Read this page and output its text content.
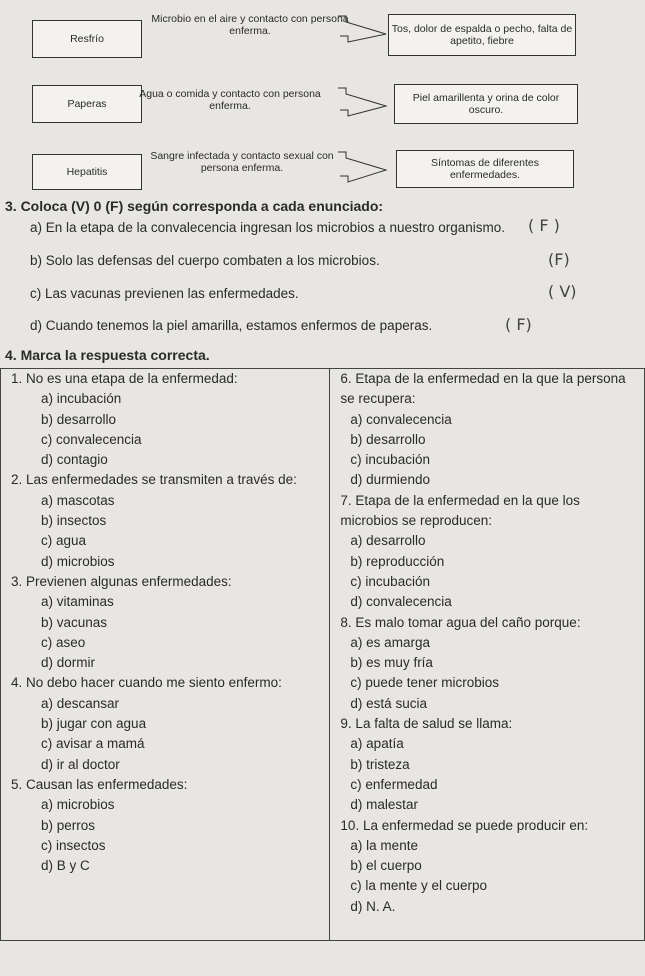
Resfrío
Microbio en el aire y contacto con persona enferma.	Tos, dolor de espalda o pecho, falta de apetito, fiebre
Paperas
Agua o comida y contacto con persona enferma.
Piel amarillenta y orina de color oscuro.
Hepatitis
Sangre infectada y contacto sexual con persona enferma.	Síntomas de diferentes enfermedades.
3. Coloca (V) 0 (F) según corresponda a cada enunciado:
a) En la etapa de la convalecencia ingresan los microbios a nuestro organismo. ( F )
b) Solo las defensas del cuerpo combaten a los microbios.	(F)
c) Las vacunas previenen las enfermedades.	( V)
d) Cuando tenemos la piel amarilla, estamos enfermos de paperas.	( F)
4. Marca la respuesta correcta.
1. No es una etapa de la enfermedad:
a) incubación
b) desarrollo
c) convalecencia
d) contagio
2. Las enfermedades se transmiten a través de:
a) mascotas
b) insectos
c) agua
d) microbios
3. Previenen algunas enfermedades:
a) vitaminas
b) vacunas
c) aseo
d) dormir
4. No debo hacer cuando me siento enfermo:
a) descansar
b) jugar con agua
c) avisar a mamá
d) ir al doctor
5. Causan las enfermedades:
a) microbios
b) perros
c) insectos
d) B y C

6. Etapa de la enfermedad en la que la persona se recupera:
a) convalecencia
b) desarrollo
c) incubación
d) durmiendo
7. Etapa de la enfermedad en la que los microbios se reproducen:
a) desarrollo
b) reproducción
c) incubación
d) convalecencia
8. Es malo tomar agua del caño porque:
a) es amarga
b) es muy fría
c) puede tener microbios
d) está sucia
9. La falta de salud se llama:
a) apatía
b) tristeza
c) enfermedad
d) malestar
10. La enfermedad se puede producir en:
a) la mente
b) el cuerpo
c) la mente y el cuerpo
d) N. A.
